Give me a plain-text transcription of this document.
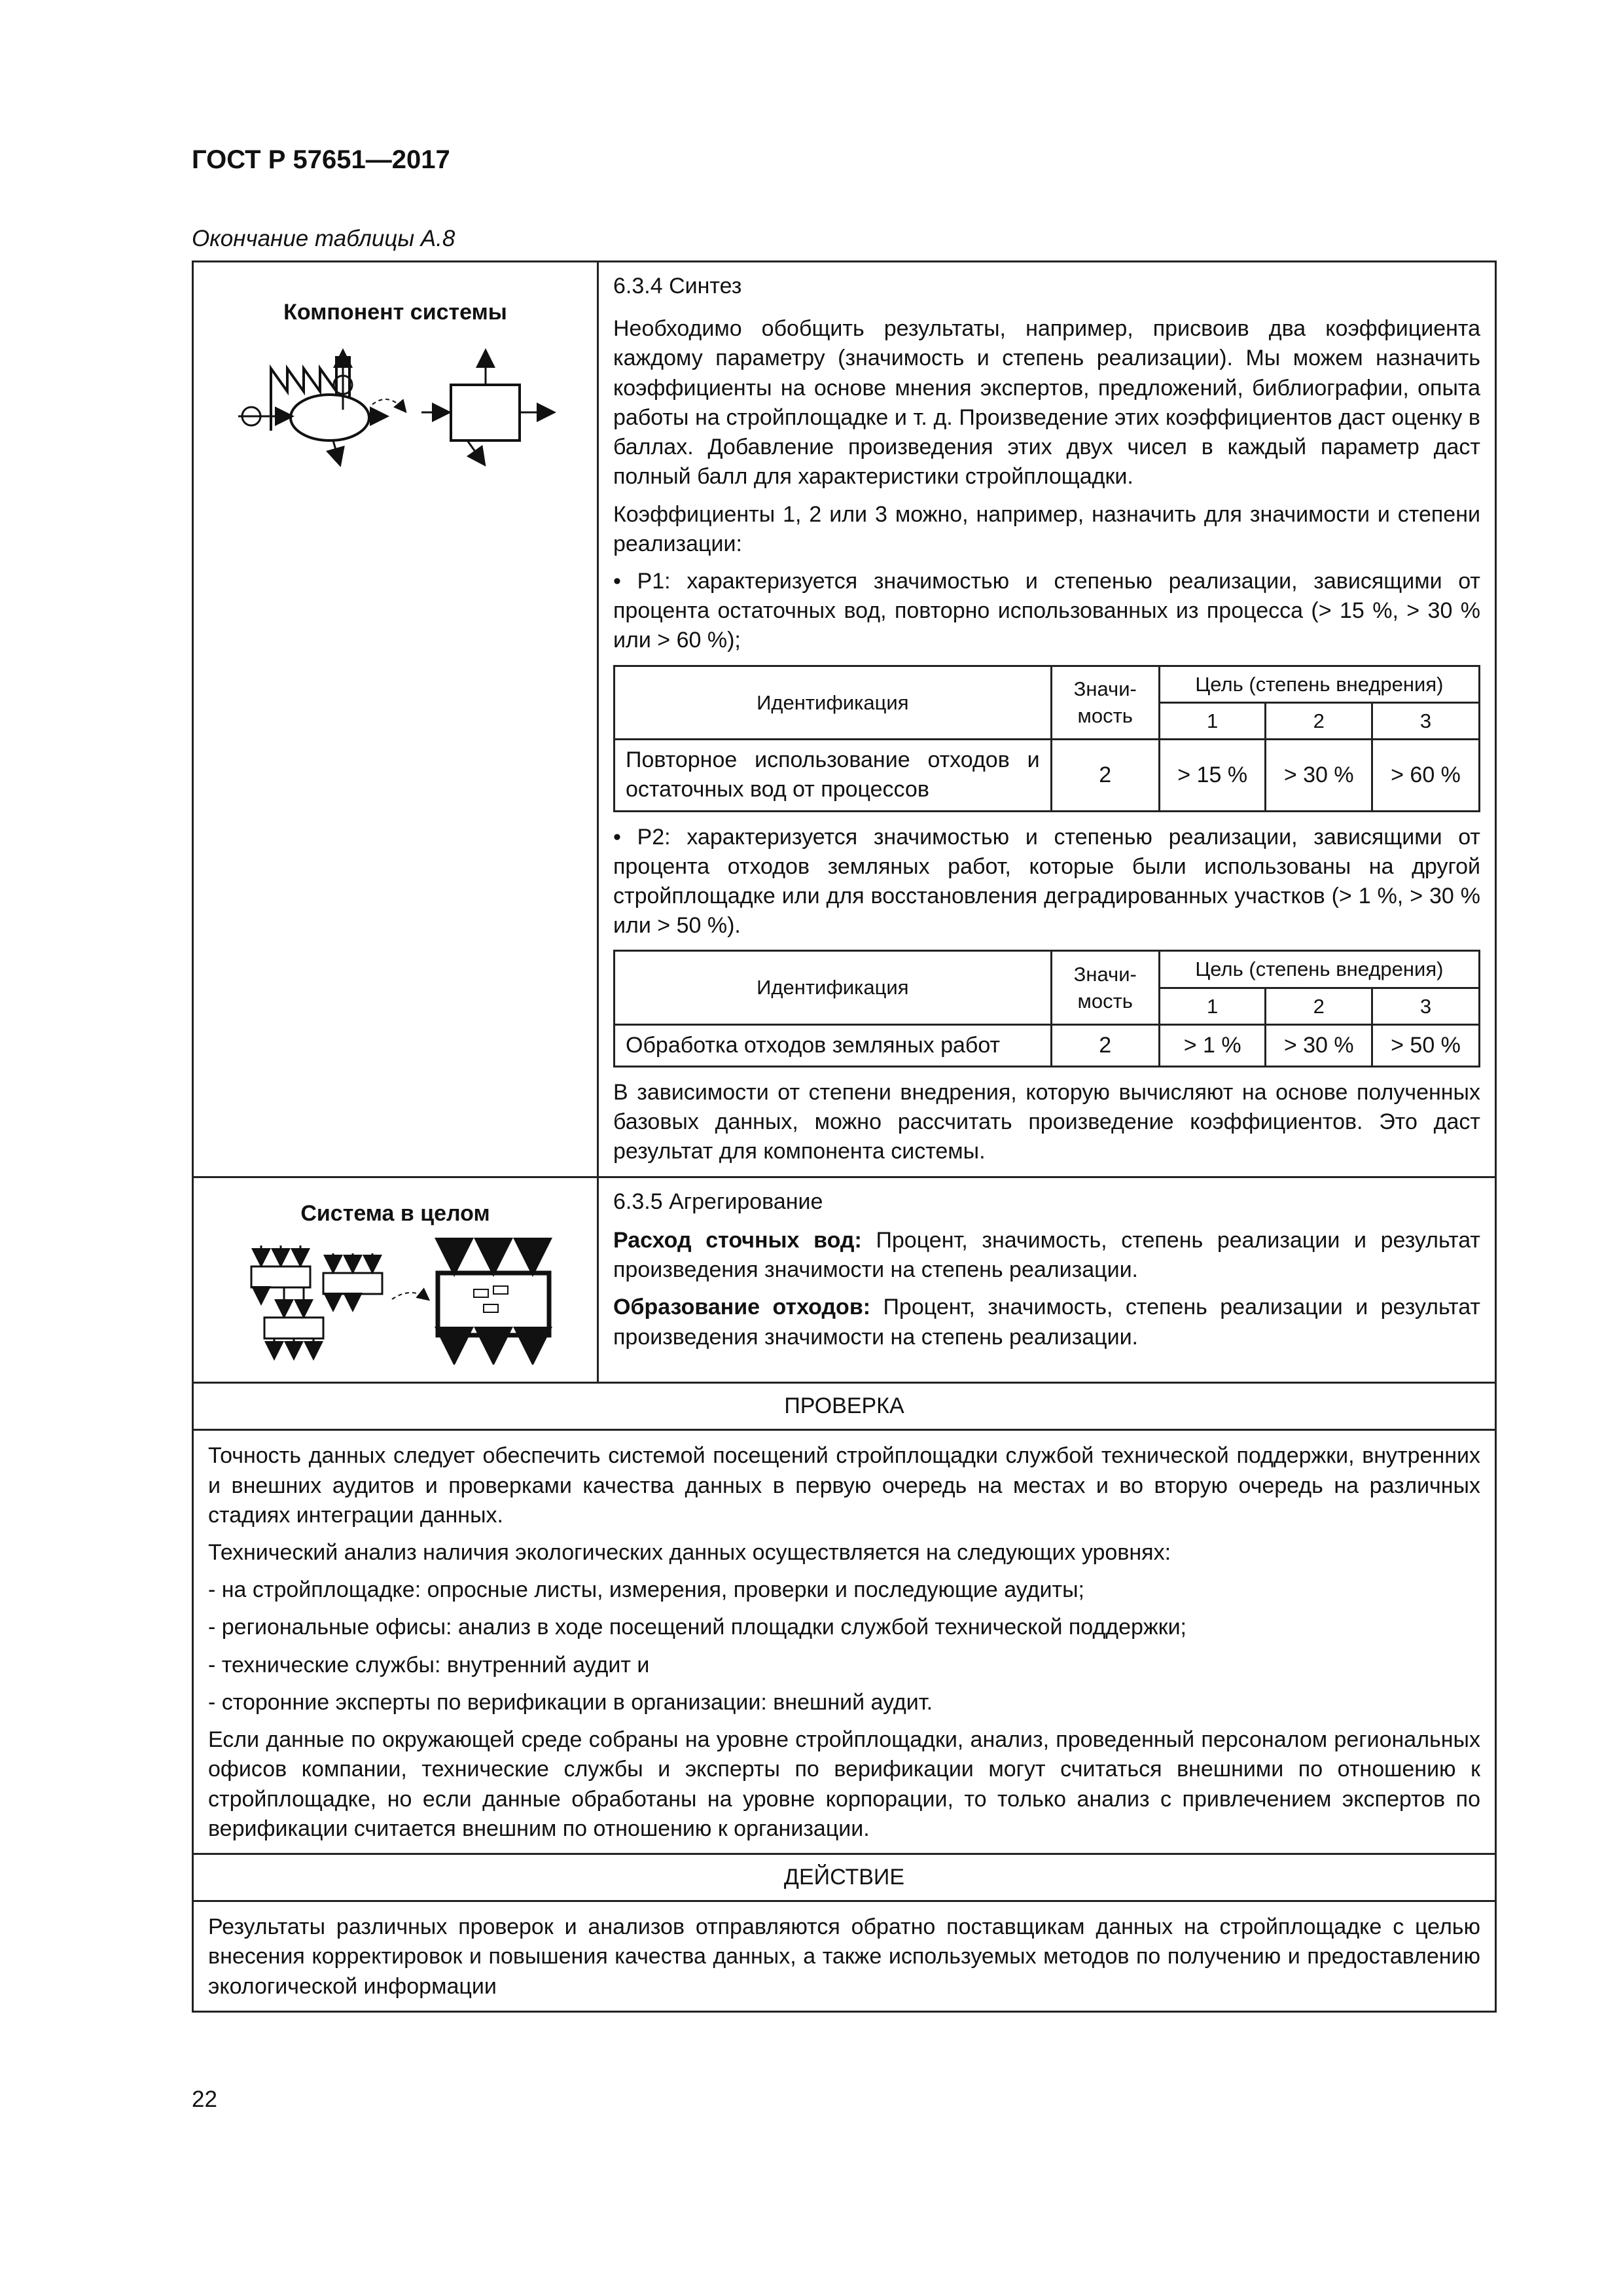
ГОСТ Р 57651—2017
Окончание таблицы А.8
Компонент системы

6.3.4 Синтез

Необходимо обобщить результаты, например, присвоив два коэффициента каждому параметру (значимость и степень реализации). Мы можем назначить коэффициенты на основе мнения экспертов, предложений, библиографии, опыта работы на стройплощадке и т. д. Произведение этих коэффициентов даст оценку в баллах. Добавление произведения этих двух чисел в каждый параметр даст полный балл для характеристики стройплощадки.

Коэффициенты 1, 2 или 3 можно, например, назначить для значимости и степени реализации:

• Р1: характеризуется значимостью и степенью реализации, зависящими от процента остаточных вод, повторно использованных из процесса (> 15 %, > 30 % или > 60 %);
Идентификация	Значи-мость	Цель (степень внедрения)
1	2	3
Повторное использование отходов и остаточных вод от процессов	2	> 15 %	> 30 %	> 60 %
• Р2: характеризуется значимостью и степенью реализации, зависящими от процента отходов земляных работ, которые были использованы на другой стройплощадке или для восстановления деградированных участков (> 1 %, > 30 % или > 50 %).
Идентификация	Значи-мость	Цель (степень внедрения)
1	2	3
Обработка отходов земляных работ	2	> 1 %	> 30 %	> 50 %

В зависимости от степени внедрения, которую вычисляют на основе полученных базовых данных, можно рассчитать произведение коэффициентов. Это даст результат для компонента системы.

Система в целом	6.3.5 Агрегирование

Расход сточных вод: Процент, значимость, степень реализации и результат произведения значимости на степень реализации.

Образование отходов: Процент, значимость, степень реализации и результат произведения значимости на степень реализации.

ПРОВЕРКА

Точность данных следует обеспечить системой посещений стройплощадки службой технической поддержки, внутренних и внешних аудитов и проверками качества данных в первую очередь на местах и во вторую очередь на различных стадиях интеграции данных.

Технический анализ наличия экологических данных осуществляется на следующих уровнях:

- на стройплощадке: опросные листы, измерения, проверки и последующие аудиты;
- региональные офисы: анализ в ходе посещений площадки службой технической поддержки;
- технические службы: внутренний аудит и
- сторонние эксперты по верификации в организации: внешний аудит.

Если данные по окружающей среде собраны на уровне стройплощадки, анализ, проведенный персоналом региональных офисов компании, технические службы и эксперты по верификации могут считаться внешними по отношению к стройплощадке, но если данные обработаны на уровне корпорации, то только анализ с привлечением экспертов по верификации считается внешним по отношению к организации.

ДЕЙСТВИЕ

Результаты различных проверок и анализов отправляются обратно поставщикам данных на стройплощадке с целью внесения корректировок и повышения качества данных, а также используемых методов по получению и предоставлению экологической информации

22
